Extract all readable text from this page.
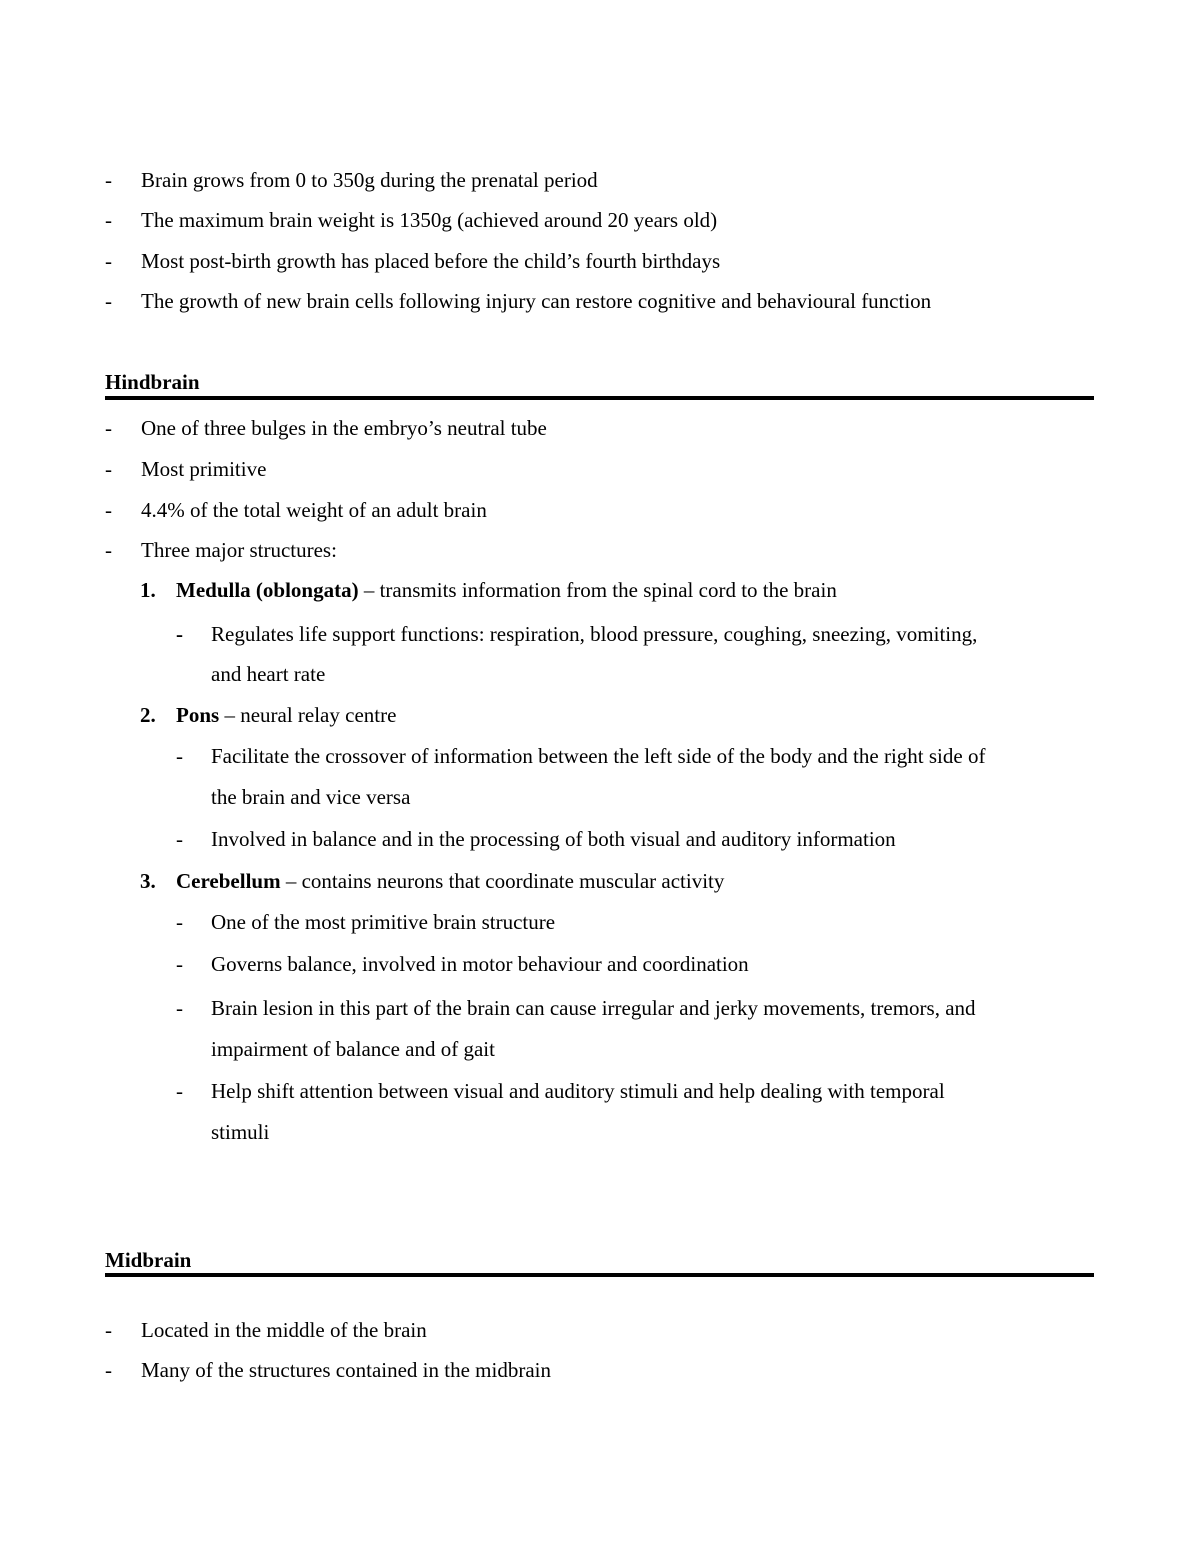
- Brain grows from 0 to 350g during the prenatal period
- The maximum brain weight is 1350g (achieved around 20 years old)
- Most post-birth growth has placed before the child’s fourth birthdays
- The growth of new brain cells following injury can restore cognitive and behavioural function
Hindbrain
- One of three bulges in the embryo’s neutral tube
- Most primitive
- 4.4% of the total weight of an adult brain
- Three major structures:
1. Medulla (oblongata) – transmits information from the spinal cord to the brain
- Regulates life support functions: respiration, blood pressure, coughing, sneezing, vomiting,
and heart rate
2. Pons – neural relay centre
- Facilitate the crossover of information between the left side of the body and the right side of
the brain and vice versa
- Involved in balance and in the processing of both visual and auditory information
3. Cerebellum – contains neurons that coordinate muscular activity
- One of the most primitive brain structure
- Governs balance, involved in motor behaviour and coordination
- Brain lesion in this part of the brain can cause irregular and jerky movements, tremors, and
impairment of balance and of gait
- Help shift attention between visual and auditory stimuli and help dealing with temporal
stimuli
Midbrain
- Located in the middle of the brain
- Many of the structures contained in the midbrain
